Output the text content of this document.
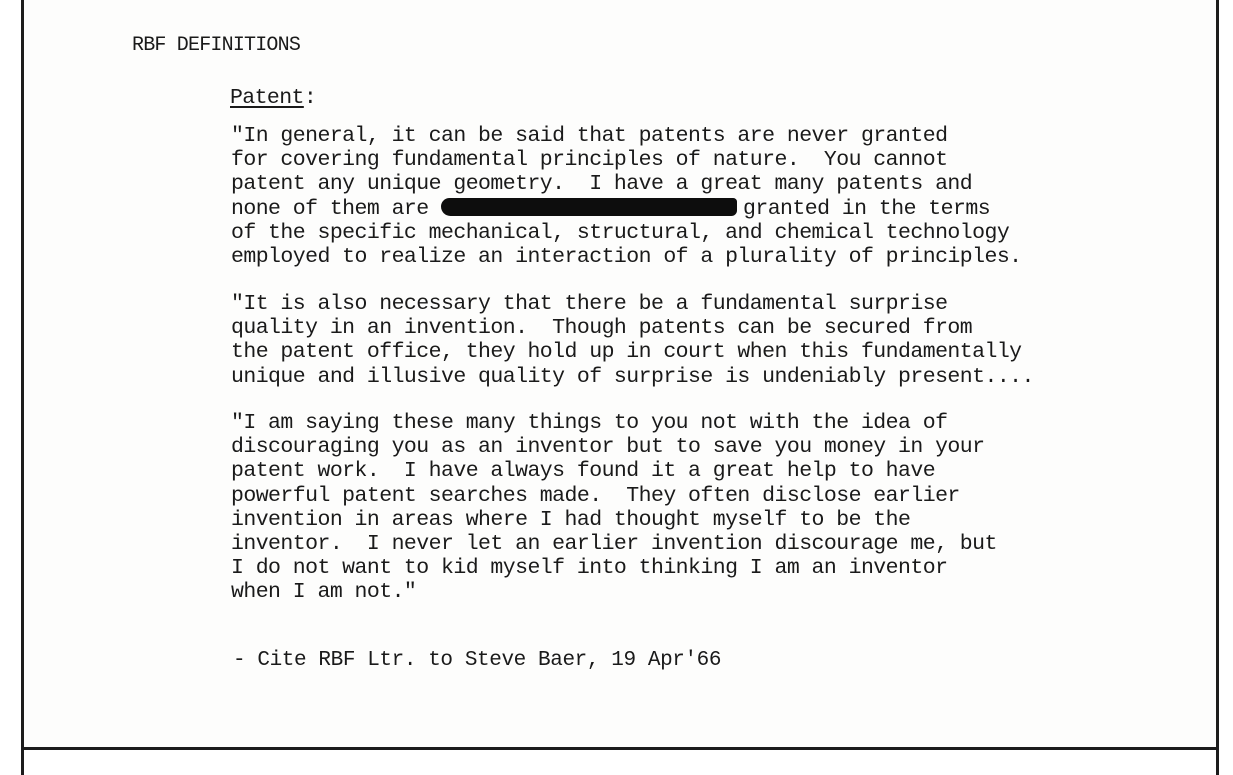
RBF DEFINITIONS
Patent:
"In general, it can be said that patents are never granted
for covering fundamental principles of nature.  You cannot
patent any unique geometry.  I have a great many patents and
none of them are	granted in the terms
of the specific mechanical, structural, and chemical technology
employed to realize an interaction of a plurality of principles.
"It is also necessary that there be a fundamental surprise
quality in an invention.  Though patents can be secured from
the patent office, they hold up in court when this fundamentally
unique and illusive quality of surprise is undeniably present....
"I am saying these many things to you not with the idea of
discouraging you as an inventor but to save you money in your
patent work.  I have always found it a great help to have
powerful patent searches made.  They often disclose earlier
invention in areas where I had thought myself to be the
inventor.  I never let an earlier invention discourage me, but
I do not want to kid myself into thinking I am an inventor
when I am not."
- Cite RBF Ltr. to Steve Baer, 19 Apr'66
